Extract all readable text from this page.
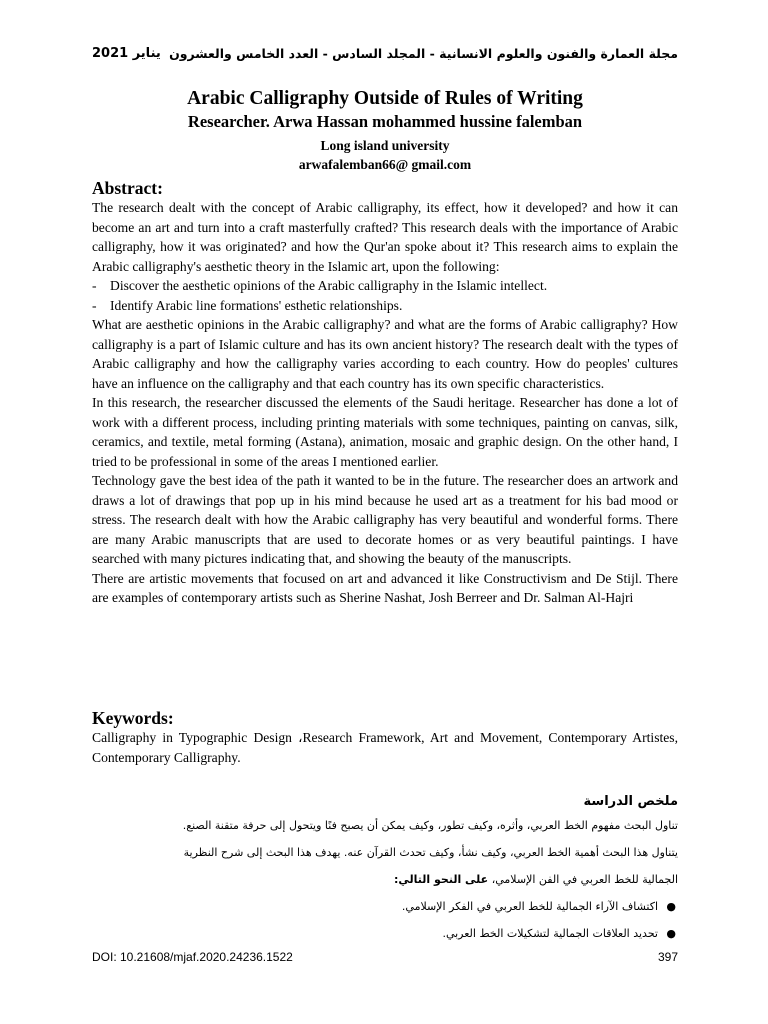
يناير 2021 مجلة العمارة والفنون والعلوم الانسانية - المجلد السادس - العدد الخامس والعشرون
Arabic Calligraphy Outside of Rules of Writing
Researcher. Arwa Hassan mohammed hussine falemban
Long island university
arwafalemban66@ gmail.com
Abstract:

The research dealt with the concept of Arabic calligraphy, its effect, how it developed? and how it can become an art and turn into a craft masterfully crafted? This research deals with the importance of Arabic calligraphy, how it was originated? and how the Qur'an spoke about it? This research aims to explain the Arabic calligraphy's aesthetic theory in the Islamic art, upon the following:

- Discover the aesthetic opinions of the Arabic calligraphy in the Islamic intellect.

- Identify Arabic line formations' esthetic relationships.

What are aesthetic opinions in the Arabic calligraphy? and what are the forms of Arabic calligraphy? How calligraphy is a part of Islamic culture and has its own ancient history? The research dealt with the types of Arabic calligraphy and how the calligraphy varies according to each country. How do peoples' cultures have an influence on the calligraphy and that each country has its own specific characteristics.

In this research, the researcher discussed the elements of the Saudi heritage. Researcher has done a lot of work with a different process, including printing materials with some techniques, painting on canvas, silk, ceramics, and textile, metal forming (Astana), animation, mosaic and graphic design. On the other hand, I tried to be professional in some of the areas I mentioned earlier.

Technology gave the best idea of the path it wanted to be in the future. The researcher does an artwork and draws a lot of drawings that pop up in his mind because he used art as a treatment for his bad mood or stress. The research dealt with how the Arabic calligraphy has very beautiful and wonderful forms. There are many Arabic manuscripts that are used to decorate homes or as very beautiful paintings. I have searched with many pictures indicating that, and showing the beauty of the manuscripts.

There are artistic movements that focused on art and advanced it like Constructivism and De Stijl. There are examples of contemporary artists such as Sherine Nashat, Josh Berreer and Dr. Salman Al-Hajri

Keywords:
Calligraphy in Typographic Design ،Research Framework, Art and Movement, Contemporary Artistes, Contemporary Calligraphy.
ملخص الدراسة

تناول البحث مفهوم الخط العربي، وأثره، وكيف تطور، وكيف يمكن أن يصبح فنًا ويتحول إلى حرفة متقنة الصنع.

يتناول هذا البحث أهمية الخط العربي، وكيف نشأ، وكيف تحدث القرآن عنه. يهدف هذا البحث إلى شرح النظرية

الجمالية للخط العربي في الفن الإسلامي، على النحو التالي:

●
اكتشاف الآراء الجمالية للخط العربي في الفكر الإسلامي.
●
تحديد العلاقات الجمالية لتشكيلات الخط العربي.
DOI: 10.21608/mjaf.2020.24236.1522	397
